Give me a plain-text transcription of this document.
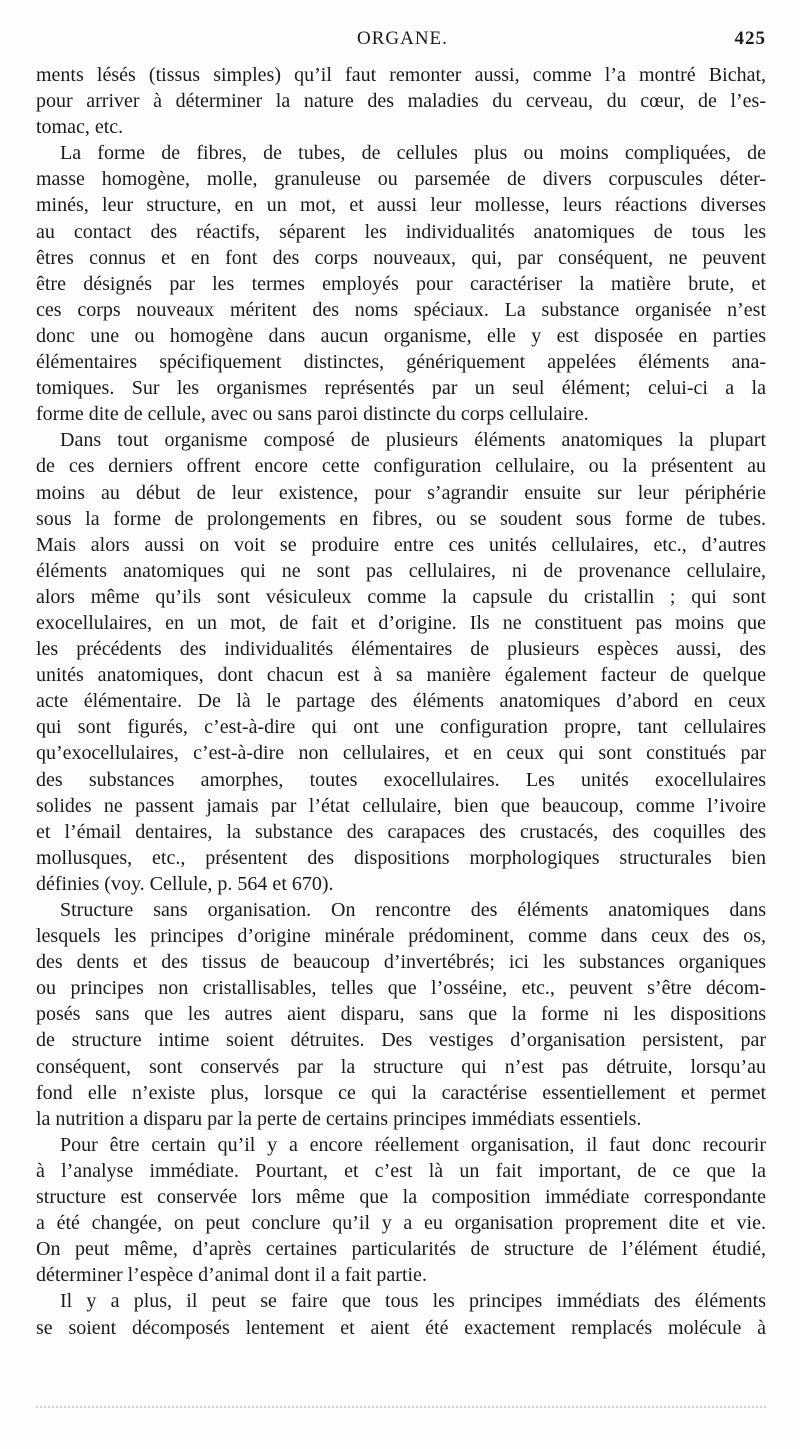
ORGANE.	425
ments lésés (tissus simples) qu’il faut remonter aussi, comme l’a montré Bichat,
pour arriver à déterminer la nature des maladies du cerveau, du cœur, de l’es-
tomac, etc.
La forme de fibres, de tubes, de cellules plus ou moins compliquées, de
masse homogène, molle, granuleuse ou parsemée de divers corpuscules déter-
minés, leur structure, en un mot, et aussi leur mollesse, leurs réactions diverses
au contact des réactifs, séparent les individualités anatomiques de tous les
êtres connus et en font des corps nouveaux, qui, par conséquent, ne peuvent
être désignés par les termes employés pour caractériser la matière brute, et
ces corps nouveaux méritent des noms spéciaux. La substance organisée n’est
donc une ou homogène dans aucun organisme, elle y est disposée en parties
élémentaires spécifiquement distinctes, génériquement appelées éléments ana-
tomiques. Sur les organismes représentés par un seul élément; celui-ci a la
forme dite de cellule, avec ou sans paroi distincte du corps cellulaire.
Dans tout organisme composé de plusieurs éléments anatomiques la plupart
de ces derniers offrent encore cette configuration cellulaire, ou la présentent au
moins au début de leur existence, pour s’agrandir ensuite sur leur périphérie
sous la forme de prolongements en fibres, ou se soudent sous forme de tubes.
Mais alors aussi on voit se produire entre ces unités cellulaires, etc., d’autres
éléments anatomiques qui ne sont pas cellulaires, ni de provenance cellulaire,
alors même qu’ils sont vésiculeux comme la capsule du cristallin ; qui sont
exocellulaires, en un mot, de fait et d’origine. Ils ne constituent pas moins que
les précédents des individualités élémentaires de plusieurs espèces aussi, des
unités anatomiques, dont chacun est à sa manière également facteur de quelque
acte élémentaire. De là le partage des éléments anatomiques d’abord en ceux
qui sont figurés, c’est-à-dire qui ont une configuration propre, tant cellulaires
qu’exocellulaires, c’est-à-dire non cellulaires, et en ceux qui sont constitués par
des substances amorphes, toutes exocellulaires. Les unités exocellulaires
solides ne passent jamais par l’état cellulaire, bien que beaucoup, comme l’ivoire
et l’émail dentaires, la substance des carapaces des crustacés, des coquilles des
mollusques, etc., présentent des dispositions morphologiques structurales bien
définies (voy. Cellule, p. 564 et 670).
Structure sans organisation. On rencontre des éléments anatomiques dans
lesquels les principes d’origine minérale prédominent, comme dans ceux des os,
des dents et des tissus de beaucoup d’invertébrés; ici les substances organiques
ou principes non cristallisables, telles que l’osséine, etc., peuvent s’être décom-
posés sans que les autres aient disparu, sans que la forme ni les dispositions
de structure intime soient détruites. Des vestiges d’organisation persistent, par
conséquent, sont conservés par la structure qui n’est pas détruite, lorsqu’au
fond elle n’existe plus, lorsque ce qui la caractérise essentiellement et permet
la nutrition a disparu par la perte de certains principes immédiats essentiels.
Pour être certain qu’il y a encore réellement organisation, il faut donc recourir
à l’analyse immédiate. Pourtant, et c’est là un fait important, de ce que la
structure est conservée lors même que la composition immédiate correspondante
a été changée, on peut conclure qu’il y a eu organisation proprement dite et vie.
On peut même, d’après certaines particularités de structure de l’élément étudié,
déterminer l’espèce d’animal dont il a fait partie.
Il y a plus, il peut se faire que tous les principes immédiats des éléments
se soient décomposés lentement et aient été exactement remplacés molécule à
